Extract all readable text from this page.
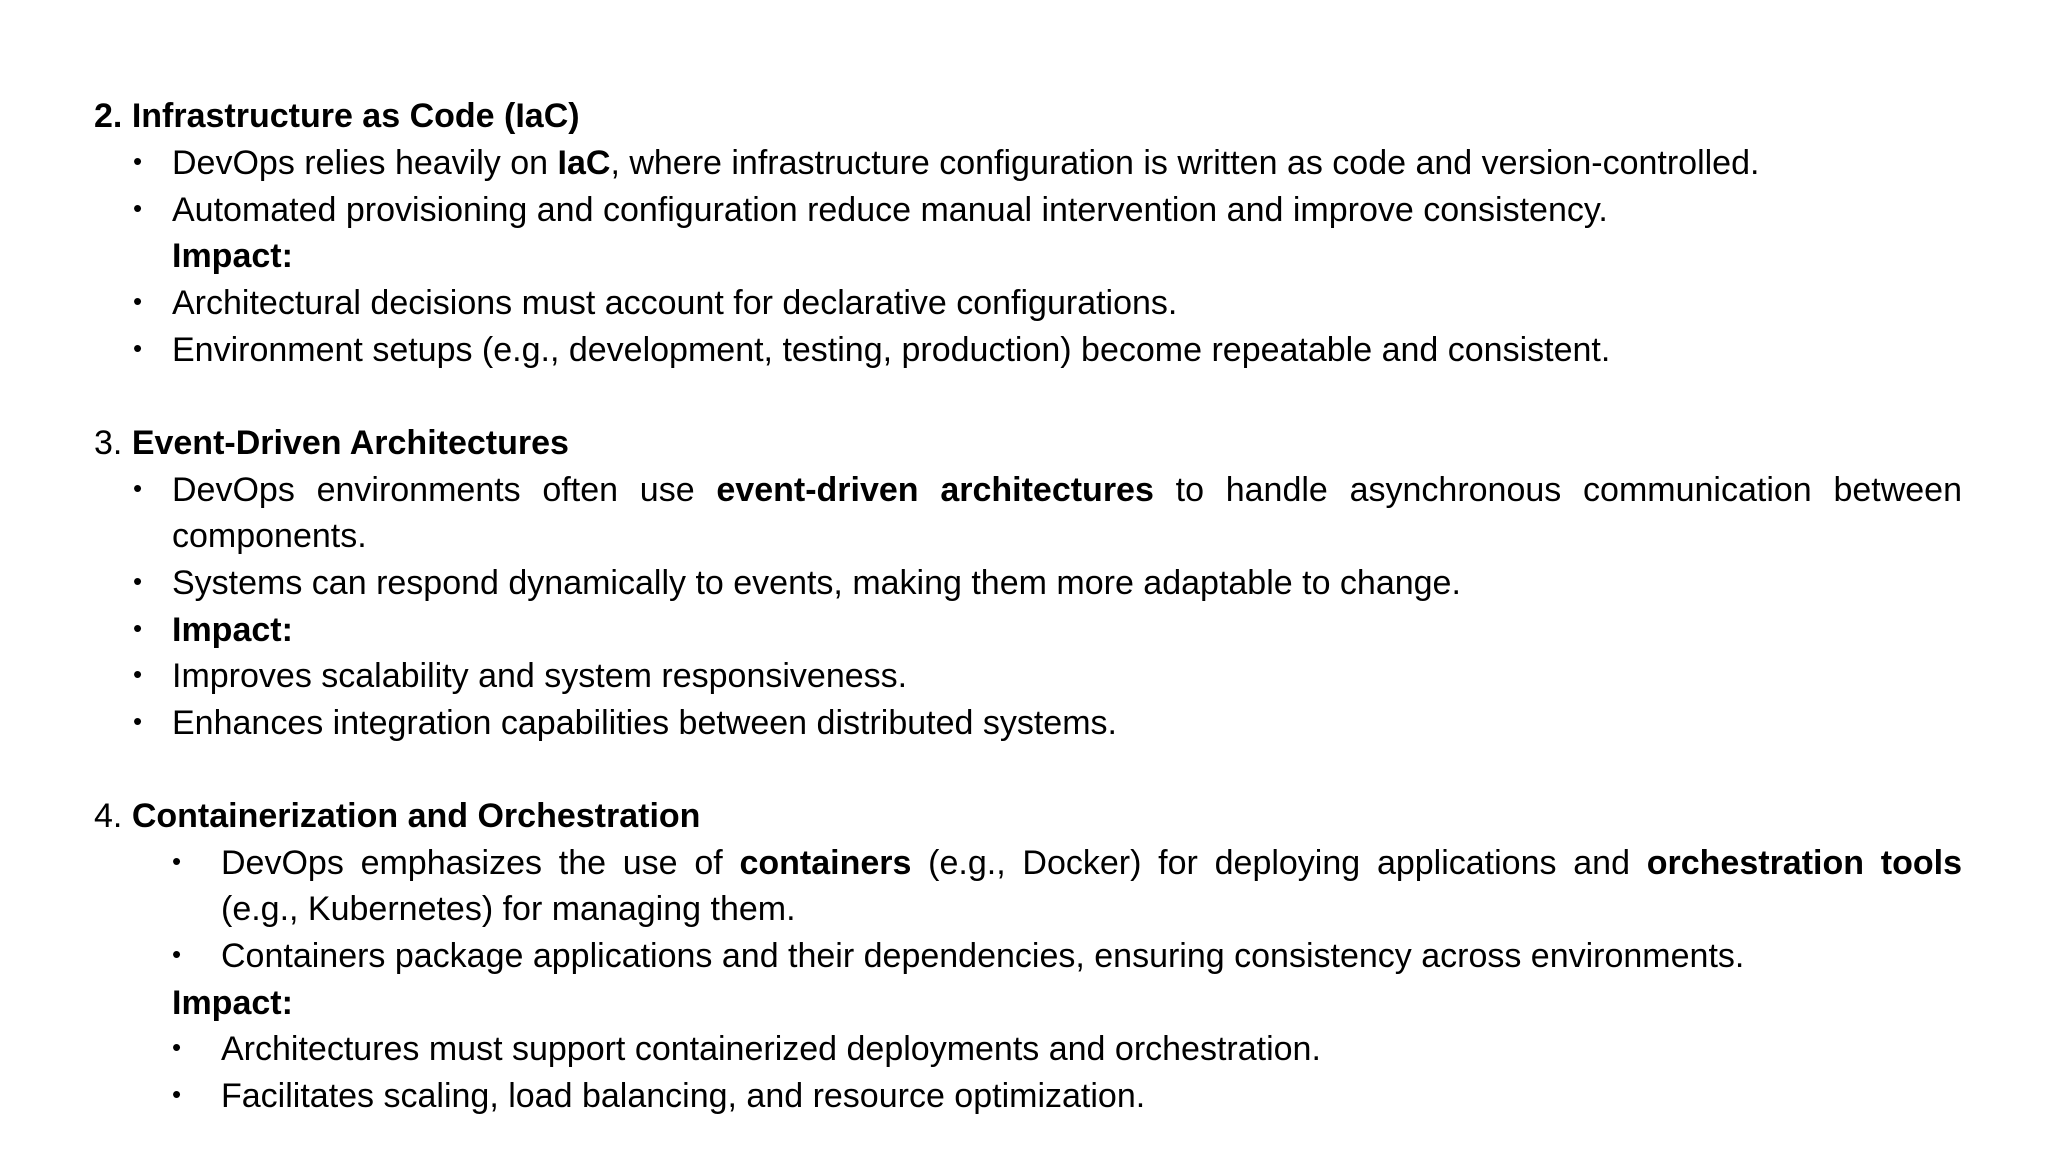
2. Infrastructure as Code (IaC)
• DevOps relies heavily on IaC, where infrastructure configuration is written as code and version-controlled.
• Automated provisioning and configuration reduce manual intervention and improve consistency.
Impact:
• Architectural decisions must account for declarative configurations.
• Environment setups (e.g., development, testing, production) become repeatable and consistent.
3. Event-Driven Architectures
• DevOps environments often use event-driven architectures to handle asynchronous communication between
components.
• Systems can respond dynamically to events, making them more adaptable to change.
• Impact:
• Improves scalability and system responsiveness.
• Enhances integration capabilities between distributed systems.
4. Containerization and Orchestration
• DevOps emphasizes the use of containers (e.g., Docker) for deploying applications and orchestration tools
(e.g., Kubernetes) for managing them.
• Containers package applications and their dependencies, ensuring consistency across environments.
Impact:
• Architectures must support containerized deployments and orchestration.
• Facilitates scaling, load balancing, and resource optimization.
